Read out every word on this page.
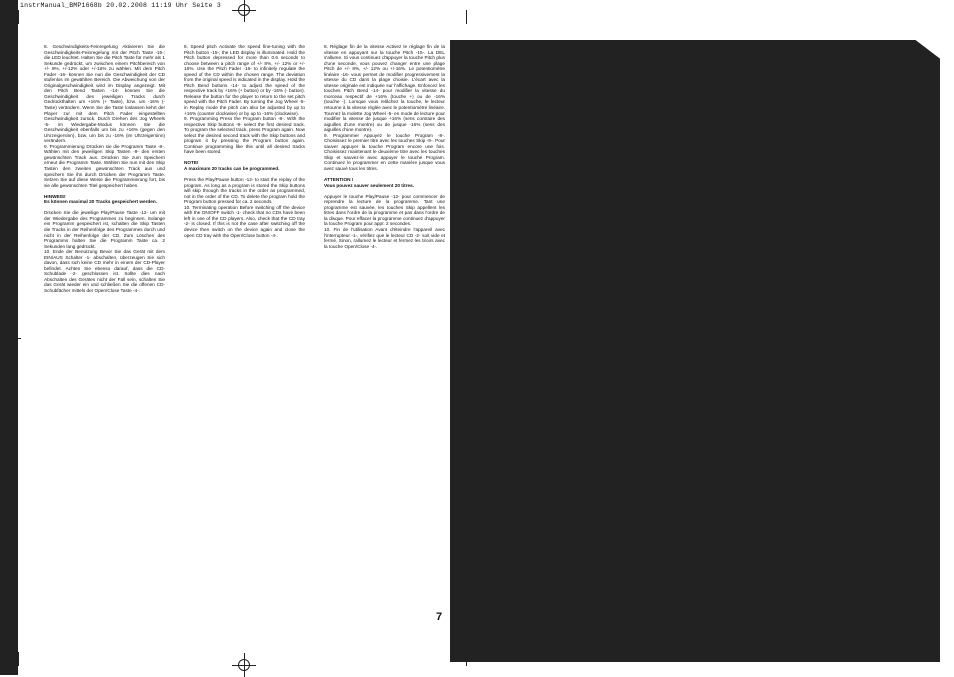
instrManual_BMP1668b 20.02.2008 11:19 Uhr Seite 3

8. Geschwindigkeits-Feinregelung Aktivieren Sie die Geschwindigkeits-Feinregelung mit der Pitch Taste -15-; die LED leuchtet. Halten Sie die Pitch Taste für mehr als 1 Sekunde gedrückt, um zwischen einem Pitchbereich von +/- 8%, +/-12% oder +/-16% zu wählen. Mit dem Pitch Fader -16- können Sie nun die Geschwindigkeit der CD stufenlos im gewählten Bereich. Die Abweichung von der Originalgeschwindigkeit wird im Display angezeigt. Mit den Pitch Bend Tasten -14- können Sie die Geschwindigkeit des jeweiligen Tracks durch Gedrückthalten um +16% (+ Taste), bzw. um -16% (- Taste) verändern. Wenn Sie die Taste loslassen kehrt der Player zur mit dem Pitch Fader eingestellten Geschwindigkeit zurück. Durch Drehen des Jog Wheels -5- im Wiedergabe-Modus können Sie die Geschwindigkeit ebenfalls um bis zu +16% (gegen den Uhrzeigersinn), bzw. um bis zu -16% (im Uhrzeigersinn) verändern.

9. Programmierung Drücken sie die Programm Taste -8-. Wählen mit den jeweiligen Skip Tasten -9- den ersten gewünschten Track aus. Drücken Sie zum Speichern erneut die Programm Taste. Wählen Sie nun mit den Skip Tasten den zweiten gewünschten Track aus und speichern Sie ihn durch Drücken der Programm Taste. Setzen Sie auf diese Weise die Programmierung fort, bis sie alle gewünschten Titel gespeichert haben.

HINWEIS!

Es können maximal 20 Tracks gespeichert werden.

Drücken Sie die jeweilige Play/Pause Taste -12- um mit der Wiedergabe des Programmes zu beginnen. Solange ein Programm gespeichert ist, schalten die Skip Tasten die Tracks in der Reihenfolge des Programmes durch und nicht in der Reihenfolge der CD. Zum Löschen des Programms halten Sie die Programm Taste ca. 2 Sekunden lang gedrückt.

10. Ende der Benutzung Bevor Sie das Gerät mit dem EIN/AUS Schalter -1- abschalten, überzeugen Sie sich davon, dass sich keine CD mehr in einem der CD-Player befindet. Achten Sie ebenso darauf, dass die CD-Schublade -2- geschlossen ist. Sollte dies nach Abschalten des Gerätes nicht der Fall sein, schalten Sie das Gerät wieder ein und schließen Sie die offenen CD-Schubfächer mittels der Open/Close Taste -4-.

8. Speed pitch Activate the speed fine-tuning with the Pitch button -15-; the LED display is illuminated. Hold the Pitch button depressed for more than 0.6 seconds to choose between a pitch range of +/- 8%, +/- 12% or +/- 16%. Use the Pitch Fader -16- to infinitely regulate the speed of the CD within the chosen range. The deviation from the original speed is indicated in the display. Hold the Pitch Bend buttons -14- to adjust the speed of the respective track by +16% (+ button) or by -16% (- button). Release the button for the player to return to the set pitch speed with the Pitch Fader. By turning the Jog Wheel -5- in Replay mode the pitch can also be adjusted by up to +16% (counter clockwise) or by up to -16% (clockwise).

9. Programming Press the Program button -8-. With the respective Skip buttons -9- select the first desired track. To program the selected track, press Program again. Now select the desired second track with the Skip buttons and program it by pressing the Program button again. Continue programming like this until all desired tracks have been stored.

NOTE!

A maximum 20 tracks can be programmed.

Press the Play/Pause button -12- to start the replay of the program. As long as a program is stored the Skip buttons will skip through the tracks in the order as programmed, not in the order of the CD. To delete the program hold the Program button pressed for ca. 2 seconds.

10. Terminating operation Before switching off the device with the ON/OFF switch -1- check that no CDs have been left in one of the CD players. Also, check that the CD tray -2- is closed. If this is not the case after switching off the device then switch on the device again and close the open CD tray with the Open/Close button -4-.

8. Réglage fin de la vitesse Activez le réglage fin de la vitesse en appuyant sur la touche Pitch -15-. La DEL s'allume. Si vous continuez d'appuyer la touche Pitch plus d'une seconde, vous pouvez changer entre une plage Pitch de +/- 8%, +/- 12% ou +/-16%. Le potentiomètre linéaire -16- vous permet de modifier progressivement la vitesse du CD dans la plage choisie. L'écart avec la vitesse originale est indiquée sur l'affichage. Enfoncez les touches Pitch Bend -14- pour modifier la vitesse du morceau respectif de +16% (touche +) ou de -16% (touche -). Lorsque vous relâchez la touche, le lecteur retourne à la vitesse réglée avec le potentiomètre linéaire. Tournez la molette Jog Wheel -5- en mode de lecture pour modifier la vitesse de jusque +16% (sens contraire des aiguilles d'une montre) ou de jusque -16% (sens des aiguilles d'une montre).

9. Programmer Appuyez le touche Program -8-. Choisissez le premier titre avec les touches Skip -9-. Pour sauver appuyer la touche Program encore une fois. Choisissez maintenant le deuxième titre avec les touches Skip et sauvez-le avec appuyer le touche Program. Continuez le programmer en cette manière jusque vous avez sauvé tous les titres.

ATTENTION !

Vous pouvez sauver seulement 20 titres.

Appuyer le touche Play/Pause -12- pour commencer de reprendre la lecture de la programme. Tant une programme est sauvée, les touches Skip appellent les titres dans l'ordre de la programme et pas dans l'ordre de la disque. Pour effacer la programme continuez d'appuyer la touche Program pour appr. 2 secondes.

10. Fin de l'utilisation Avant d'éteindre l'appareil avec l'interrupteur -1-, vérifiez que le lecteur CD -2- soit vide et fermé. Sinon, rallumez le lecteur et fermez les tiroirs avec la touche Open/Close -4-.

7
